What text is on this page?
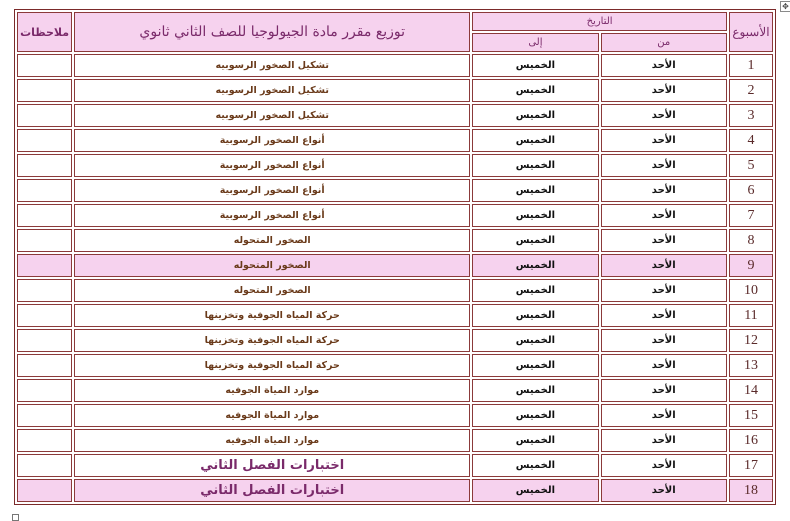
✥
الأسبوع	التاريخ		توزيع مقرر مادة الجيولوجيا للصف الثاني ثانوي	ملاحظات
	من	إلى		
1	الأحد	الخميس	تشكيل الصخور الرسوبيه	
2	الأحد	الخميس	تشكيل الصخور الرسوبيه	
3	الأحد	الخميس	تشكيل الصخور الرسوبيه	
4	الأحد	الخميس	أنواع الصخور الرسوبية	
5	الأحد	الخميس	أنواع الصخور الرسوبية	
6	الأحد	الخميس	أنواع الصخور الرسوبية	
7	الأحد	الخميس	أنواع الصخور الرسوبية	
8	الأحد	الخميس	الصخور المتحوله	
9	الأحد	الخميس	الصخور المتحوله	
10	الأحد	الخميس	الصخور المتحوله	
11	الأحد	الخميس	حركة المياه الجوفية وتخزينها	
12	الأحد	الخميس	حركة المياه الجوفية وتخزينها	
13	الأحد	الخميس	حركة المياه الجوفية وتخزينها	
14	الأحد	الخميس	موارد المياة الجوفيه	
15	الأحد	الخميس	موارد المياة الجوفيه	
16	الأحد	الخميس	موارد المياة الجوفيه	
17	الأحد	الخميس	اختبارات الفصل الثاني	
18	الأحد	الخميس	اختبارات الفصل الثاني	
